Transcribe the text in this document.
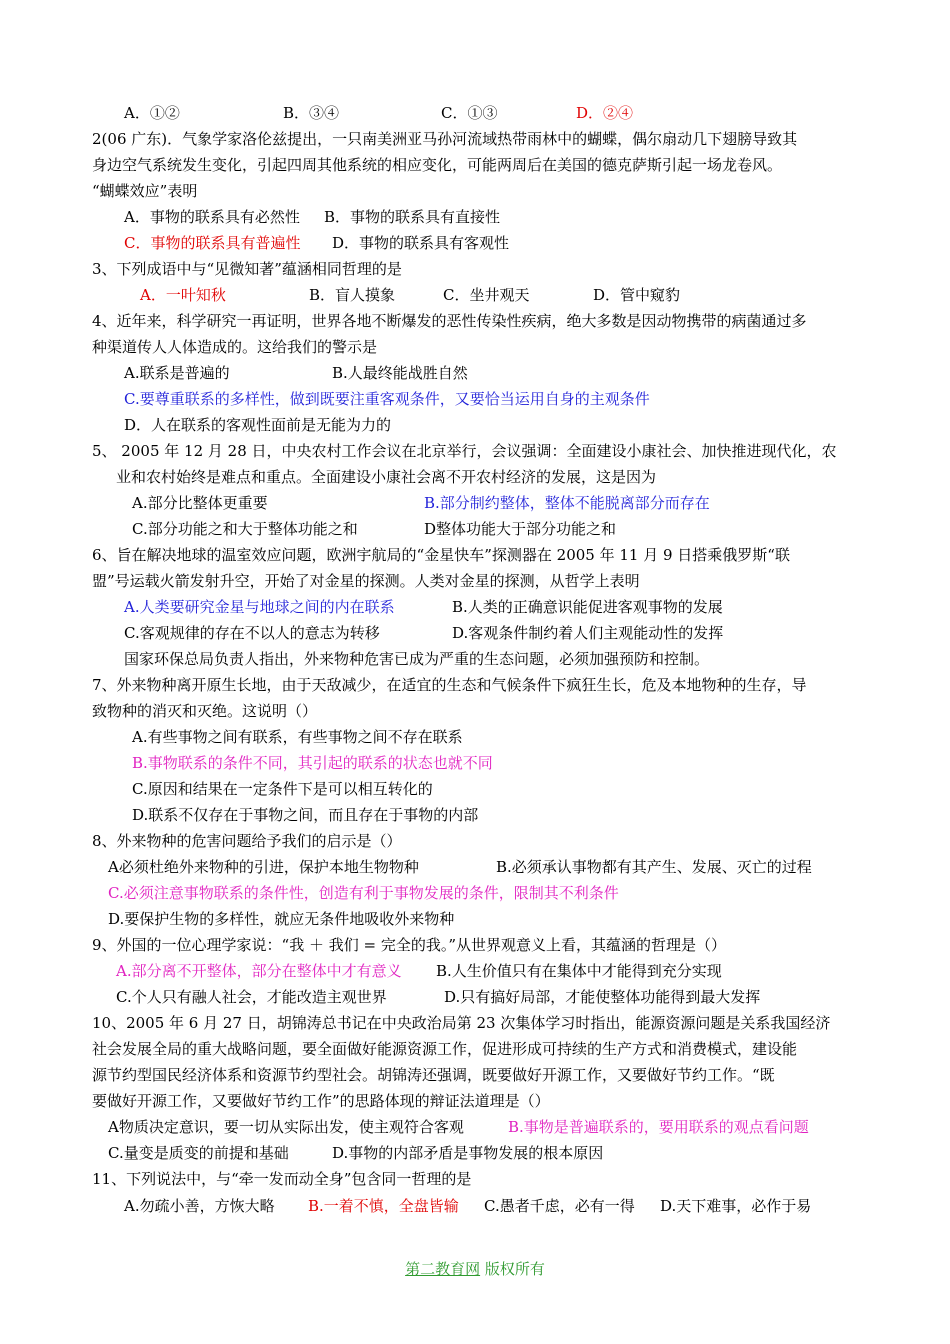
A．①②	B．③④	C．①③	D．②④
2(06 广东)．气象学家洛伦兹提出，一只南美洲亚马孙河流域热带雨林中的蝴蝶，偶尔扇动几下翅膀导致其
身边空气系统发生变化，引起四周其他系统的相应变化，可能两周后在美国的德克萨斯引起一场龙卷风。
“蝴蝶效应”表明
A．事物的联系具有必然性 B．事物的联系具有直接性
C．事物的联系具有普遍性 D．事物的联系具有客观性
3、下列成语中与“见微知著”蕴涵相同哲理的是
A．一叶知秋	B．盲人摸象	C．坐井观天	D．管中窥豹
4、近年来，科学研究一再证明，世界各地不断爆发的恶性传染性疾病，绝大多数是因动物携带的病菌通过多
种渠道传人人体造成的。这给我们的警示是
A.联系是普遍的	B.人最终能战胜自然
C.要尊重联系的多样性，做到既要注重客观条件，又要恰当运用自身的主观条件
D．人在联系的客观性面前是无能为力的
5、 2005 年 12 月 28 日，中央农村工作会议在北京举行，会议强调：全面建设小康社会、加快推进现代化，农
业和农村始终是难点和重点。全面建设小康社会离不开农村经济的发展，这是因为
A.部分比整体更重要	B.部分制约整体，整体不能脱离部分而存在
C.部分功能之和大于整体功能之和	D整体功能大于部分功能之和
6、旨在解决地球的温室效应问题，欧洲宇航局的“金星快车”探测器在 2005 年 11 月 9 日搭乘俄罗斯“联
盟”号运载火箭发射升空，开始了对金星的探测。人类对金星的探测，从哲学上表明
A.人类要研究金星与地球之间的内在联系	B.人类的正确意识能促进客观事物的发展
C.客观规律的存在不以人的意志为转移	D.客观条件制约着人们主观能动性的发挥
国家环保总局负责人指出，外来物种危害已成为严重的生态问题，必须加强预防和控制。
7、外来物种离开原生长地，由于天敌减少，在适宜的生态和气候条件下疯狂生长，危及本地物种的生存，导
致物种的消灭和灭绝。这说明（）
A.有些事物之间有联系，有些事物之间不存在联系
B.事物联系的条件不同，其引起的联系的状态也就不同
C.原因和结果在一定条件下是可以相互转化的
D.联系不仅存在于事物之间，而且存在于事物的内部
8、外来物种的危害问题给予我们的启示是（）
A必须杜绝外来物种的引进，保护本地生物物种	B.必须承认事物都有其产生、发展、灭亡的过程
C.必须注意事物联系的条件性，创造有利于事物发展的条件，限制其不利条件
D.要保护生物的多样性，就应无条件地吸收外来物种
9、外国的一位心理学家说：“我 ＋ 我们 = 完全的我。”从世界观意义上看，其蕴涵的哲理是（）
A.部分离不开整体，部分在整体中才有意义 B.人生价值只有在集体中才能得到充分实现
C.个人只有融人社会，才能改造主观世界	D.只有搞好局部，才能使整体功能得到最大发挥
10、2005 年 6 月 27 日，胡锦涛总书记在中央政治局第 23 次集体学习时指出，能源资源问题是关系我国经济
社会发展全局的重大战略问题，要全面做好能源资源工作，促进形成可持续的生产方式和消费模式，建设能
源节约型国民经济体系和资源节约型社会。胡锦涛还强调，既要做好开源工作，又要做好节约工作。“既
要做好开源工作，又要做好节约工作”的思路体现的辩证法道理是（）
A物质决定意识，要一切从实际出发，使主观符合客观	B.事物是普遍联系的，要用联系的观点看问题
C.量变是质变的前提和基础	D.事物的内部矛盾是事物发展的根本原因
11、下列说法中，与“牵一发而动全身”包含同一哲理的是
A.勿疏小善，方恢大略 B.一着不慎，全盘皆输 C.愚者千虑，必有一得 D.天下难事，必作于易
第二教育网 版权所有
